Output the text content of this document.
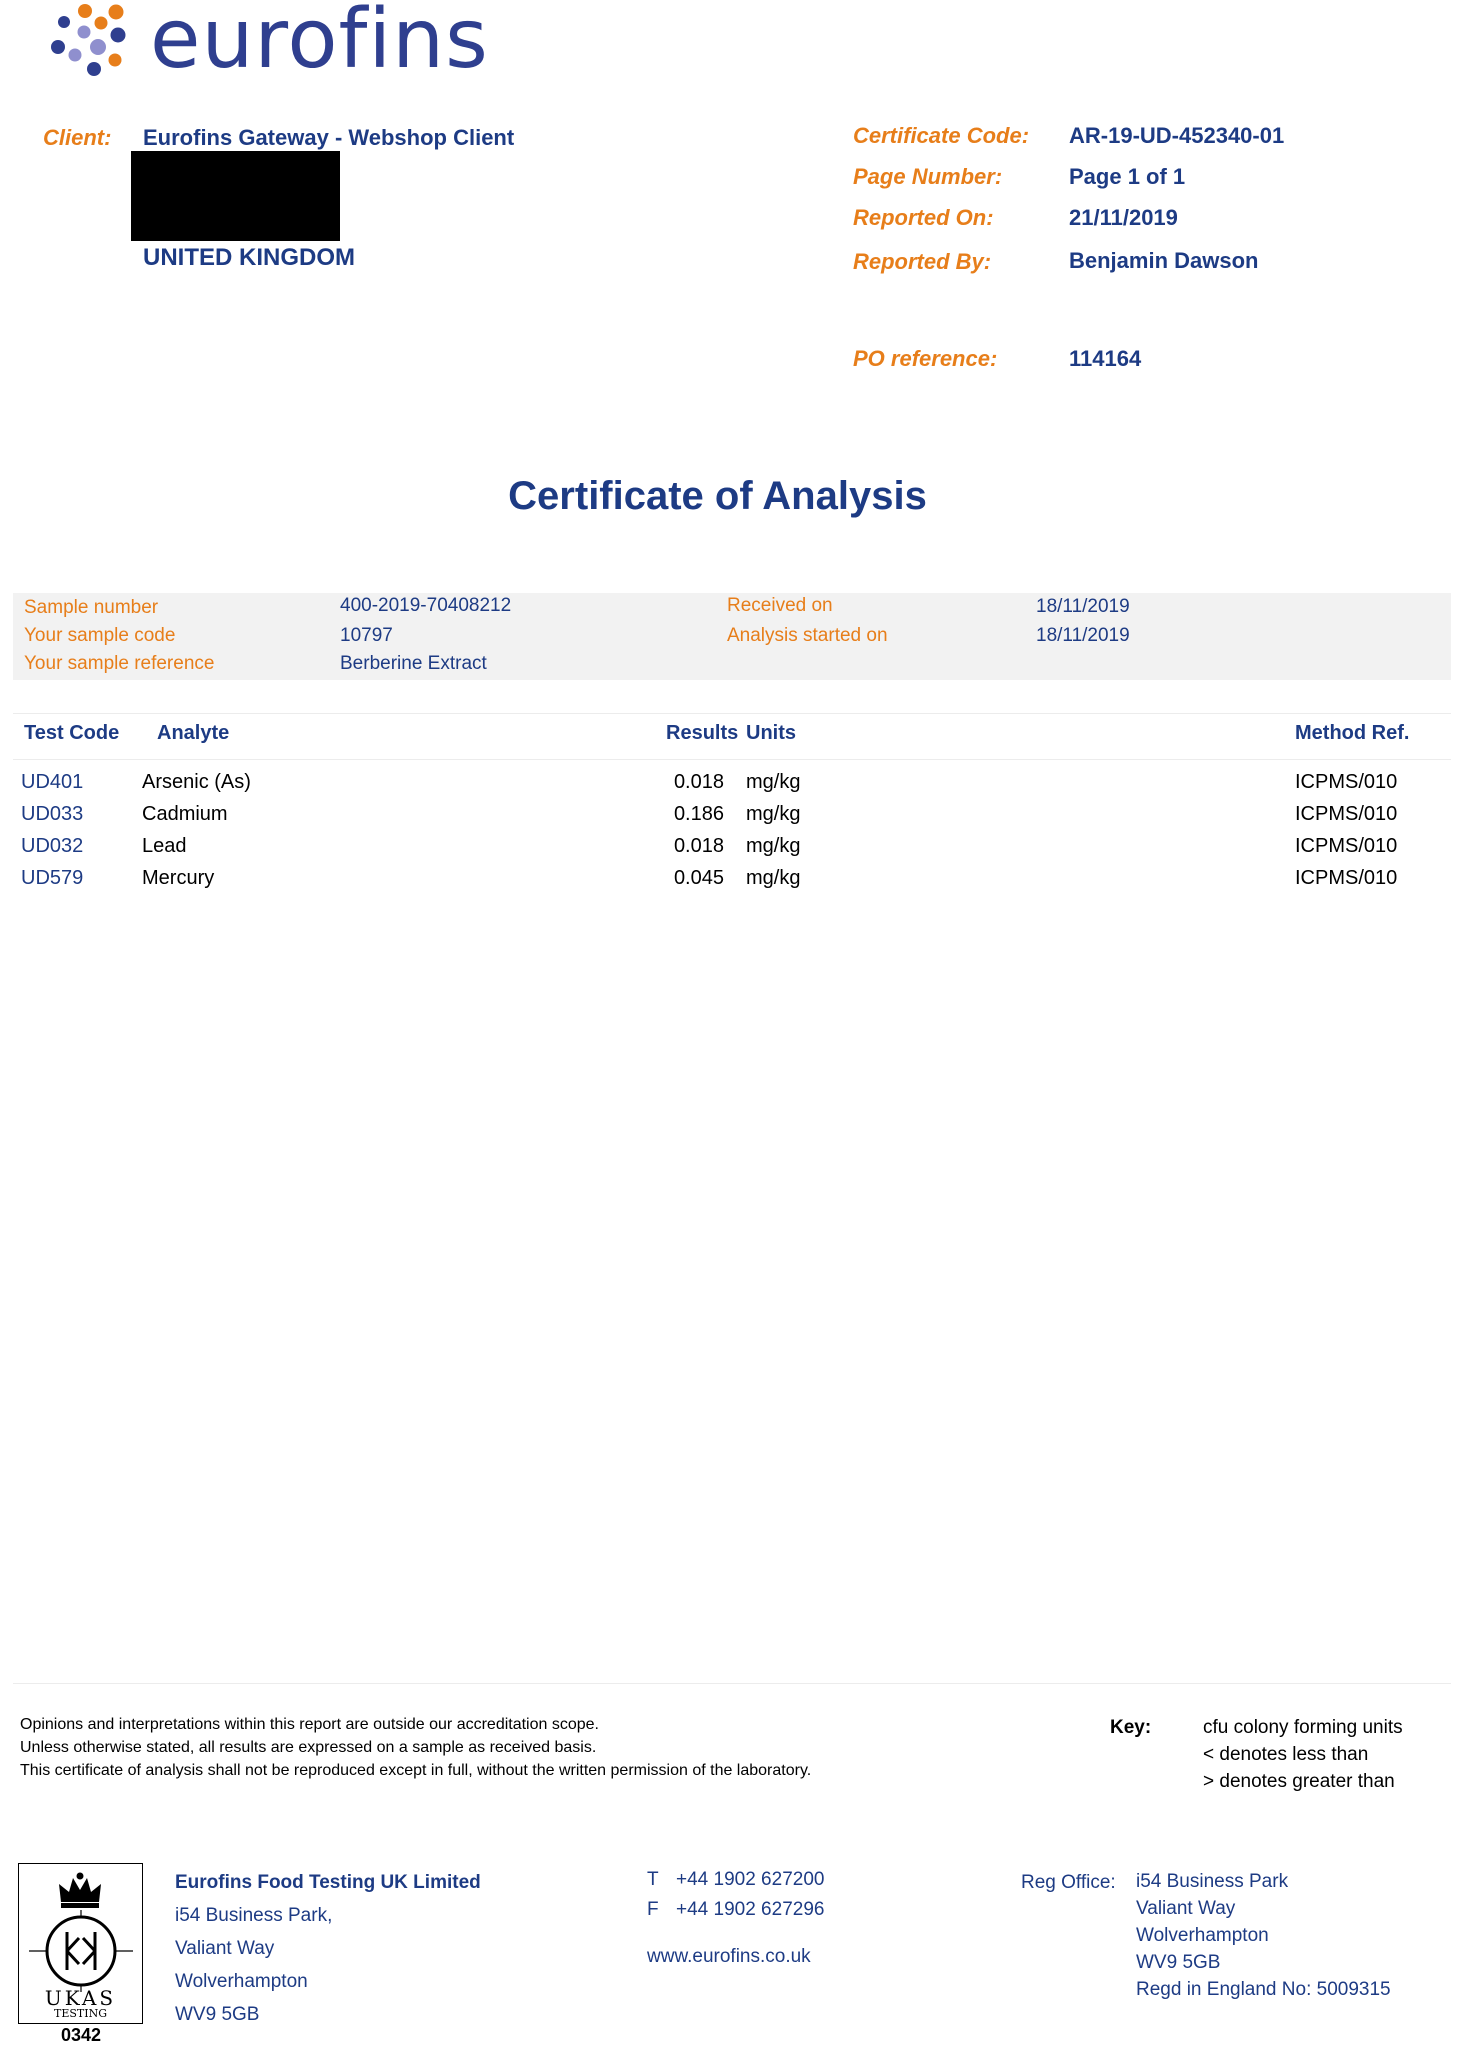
eurofins
Client: Eurofins Gateway - Webshop Client
UNITED KINGDOM
Certificate Code: AR-19-UD-452340-01
Page Number:	Page 1 of 1
Reported On:	21/11/2019
Reported By:	Benjamin Dawson
PO reference:	114164
Certificate of Analysis
Sample number	400-2019-70408212
Your sample code	10797
Your sample reference	Berberine Extract
Received on	18/11/2019
Analysis started on	18/11/2019
Test Code Analyte	Results Units	Method Ref.
UD401	Arsenic (As)	0.018 mg/kg	ICPMS/010
UD033	Cadmium	0.186 mg/kg	ICPMS/010
UD032	Lead	0.018 mg/kg	ICPMS/010
UD579	Mercury	0.045 mg/kg	ICPMS/010
Opinions and interpretations within this report are outside our accreditation scope.
Unless otherwise stated, all results are expressed on a sample as received basis.
This certificate of analysis shall not be reproduced except in full, without the written permission of the laboratory.
Key:	cfu colony forming units
< denotes less than
> denotes greater than
UKAS
TESTING
0342
Eurofins Food Testing UK Limited
i54 Business Park,
Valiant Way
Wolverhampton
WV9 5GB
T +44 1902 627200
F +44 1902 627296
www.eurofins.co.uk
Reg Office: i54 Business Park
Valiant Way
Wolverhampton
WV9 5GB
Regd in England No: 5009315
